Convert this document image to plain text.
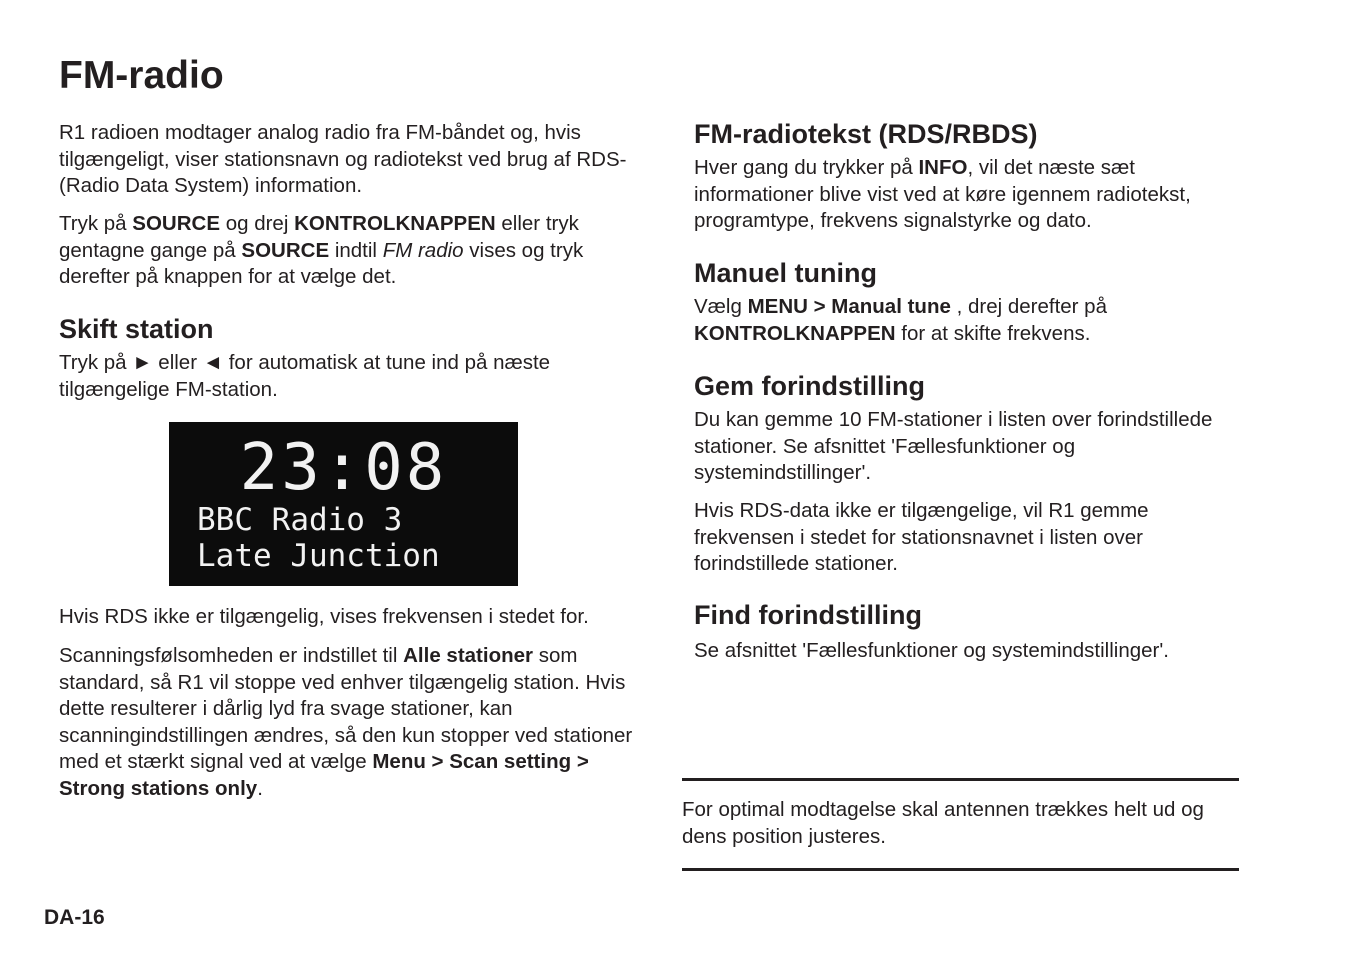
FM-radio

R1 radioen modtager analog radio fra FM-båndet og, hvis tilgængeligt, viser stationsnavn og radiotekst ved brug af RDS- (Radio Data System) information.

Tryk på SOURCE og drej KONTROLKNAPPEN eller tryk gentagne gange på SOURCE indtil FM radio vises og tryk derefter på knappen for at vælge det.

Skift station

Tryk på ► eller ◄ for automatisk at tune ind på næste tilgængelige FM-station.

23:08
BBC Radio 3
Late Junction

Hvis RDS ikke er tilgængelig, vises frekvensen i stedet for.

Scanningsfølsomheden er indstillet til Alle stationer som standard, så R1 vil stoppe ved enhver tilgængelig station. Hvis dette resulterer i dårlig lyd fra svage stationer, kan scanningindstillingen ændres, så den kun stopper ved stationer med et stærkt signal ved at vælge Menu > Scan setting > Strong stations only.

FM-radiotekst (RDS/RBDS)

Hver gang du trykker på INFO, vil det næste sæt informationer blive vist ved at køre igennem radiotekst, programtype, frekvens signalstyrke og dato.

Manuel tuning

Vælg MENU > Manual tune , drej derefter på KONTROLKNAPPEN for at skifte frekvens.

Gem forindstilling

Du kan gemme 10 FM-stationer i listen over forindstillede stationer. Se afsnittet 'Fællesfunktioner og systemindstillinger'.

Hvis RDS-data ikke er tilgængelige, vil R1 gemme frekvensen i stedet for stationsnavnet i listen over forindstillede stationer.

Find forindstilling

Se afsnittet 'Fællesfunktioner og systemindstillinger'.

For optimal modtagelse skal antennen trækkes helt ud og dens position justeres.

DA-16
